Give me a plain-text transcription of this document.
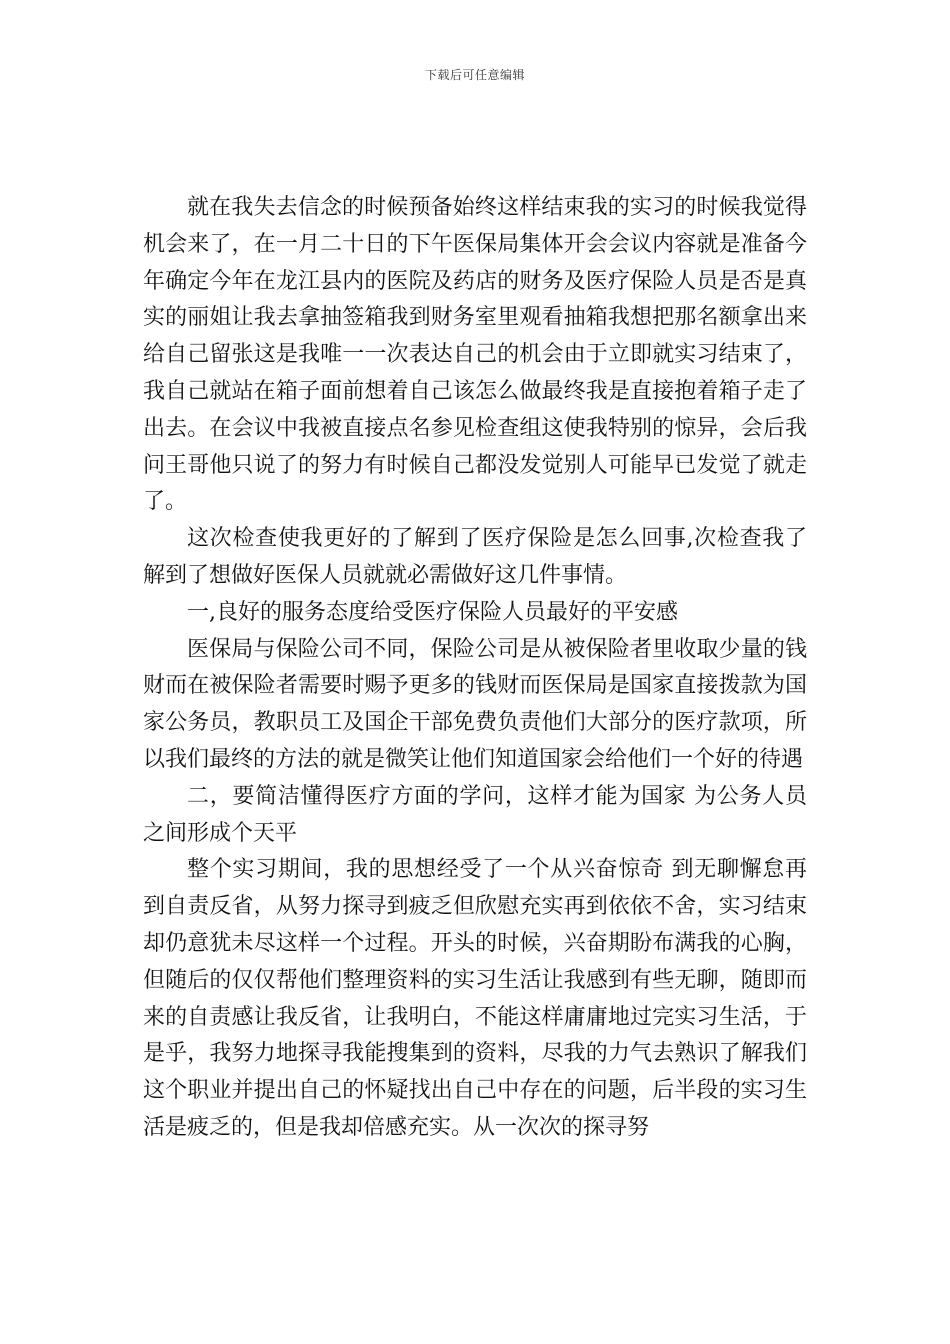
下载后可任意编辑

就在我失去信念的时候预备始终这样结束我的实习的时候我觉得机会来了，在一月二十日的下午医保局集体开会会议内容就是准备今年确定今年在龙江县内的医院及药店的财务及医疗保险人员是否是真实的丽姐让我去拿抽签箱我到财务室里观看抽箱我想把那名额拿出来给自己留张这是我唯一一次表达自己的机会由于立即就实习结束了，我自己就站在箱子面前想着自己该怎么做最终我是直接抱着箱子走了出去。在会议中我被直接点名参见检查组这使我特别的惊异，会后我问王哥他只说了的努力有时候自己都没发觉别人可能早已发觉了就走了。

这次检查使我更好的了解到了医疗保险是怎么回事,次检查我了解到了想做好医保人员就就必需做好这几件事情。

一,良好的服务态度给受医疗保险人员最好的平安感

医保局与保险公司不同，保险公司是从被保险者里收取少量的钱财而在被保险者需要时赐予更多的钱财而医保局是国家直接拨款为国家公务员，教职员工及国企干部免费负责他们大部分的医疗款项，所以我们最终的方法的就是微笑让他们知道国家会给他们一个好的待遇

二，要简洁懂得医疗方面的学问，这样才能为国家 为公务人员之间形成个天平

整个实习期间，我的思想经受了一个从兴奋惊奇 到无聊懈怠再到自责反省，从努力探寻到疲乏但欣慰充实再到依依不舍，实习结束却仍意犹未尽这样一个过程。开头的时候，兴奋期盼布满我的心胸，但随后的仅仅帮他们整理资料的实习生活让我感到有些无聊，随即而来的自责感让我反省，让我明白，不能这样庸庸地过完实习生活，于是乎，我努力地探寻我能搜集到的资料，尽我的力气去熟识了解我们这个职业并提出自己的怀疑找出自己中存在的问题，后半段的实习生活是疲乏的，但是我却倍感充实。从一次次的探寻努
